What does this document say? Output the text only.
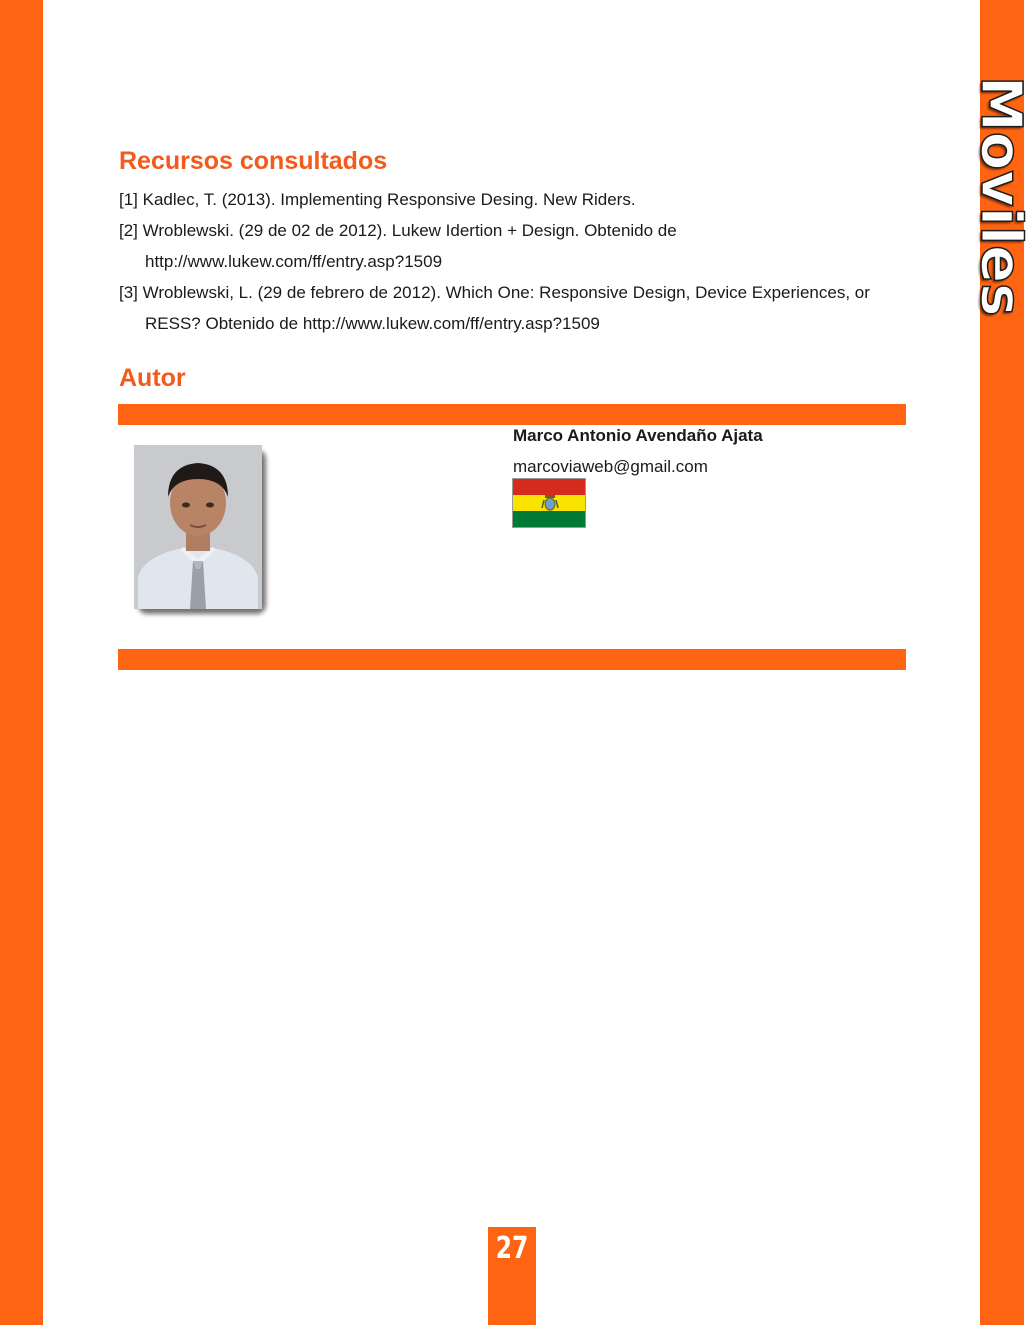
Moviles
Recursos consultados
[1] Kadlec, T. (2013). Implementing Responsive Desing. New Riders.
[2] Wroblewski. (29 de 02 de 2012). Lukew Idertion + Design. Obtenido de http://www.lukew.com/ff/entry.asp?1509
[3] Wroblewski, L. (29 de febrero de 2012). Which One: Responsive Design, Device Experiences, or RESS? Obtenido de http://www.lukew.com/ff/entry.asp?1509
Autor
Marco Antonio Avendaño Ajata
marcoviaweb@gmail.com
27
